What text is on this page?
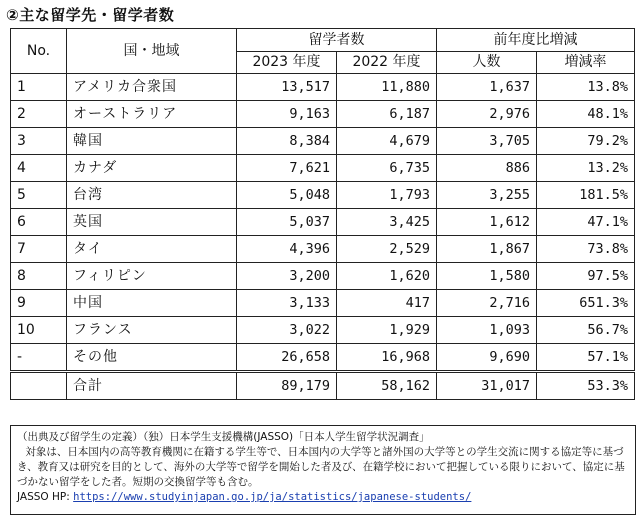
②主な留学先・留学者数
No.	国・地域	留学者数		前年度比増減	
		2023 年度	2022 年度	人数	増減率
1	アメリカ合衆国	13,517	11,880	1,637	13.8%
2	オーストラリア	9,163	6,187	2,976	48.1%
3	韓国	8,384	4,679	3,705	79.2%
4	カナダ	7,621	6,735	886	13.2%
5	台湾	5,048	1,793	3,255	181.5%
6	英国	5,037	3,425	1,612	47.1%
7	タイ	4,396	2,529	1,867	73.8%
8	フィリピン	3,200	1,620	1,580	97.5%
9	中国	3,133	417	2,716	651.3%
10	フランス	3,022	1,929	1,093	56.7%
-	その他	26,658	16,968	9,690	57.1%
	合計	89,179	58,162	31,017	53.3%

（出典及び留学生の定義）（独）日本学生支援機構(JASSO)「日本人学生留学状況調査」

対象は、日本国内の高等教育機関に在籍する学生等で、日本国内の大学等と諸外国の大学等との学生交流に関する協定等に基づき、教育又は研究を目的として、海外の大学等で留学を開始した者及び、在籍学校において把握している限りにおいて、協定に基づかない留学をした者。短期の交換留学等も含む。

JASSO HP: https://www.studyinjapan.go.jp/ja/statistics/japanese-students/
